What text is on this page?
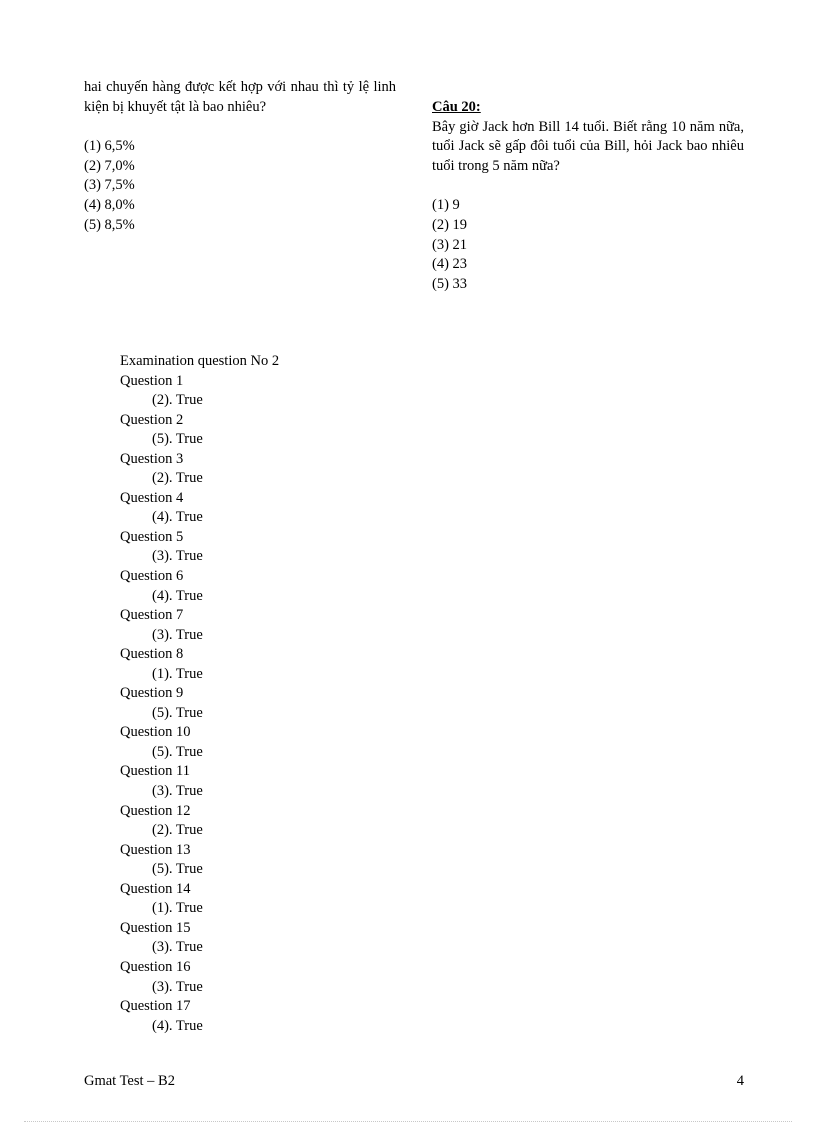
hai chuyến hàng được kết hợp với nhau thì tỷ lệ linh kiện bị khuyết tật là bao nhiêu?

(1) 6,5%
(2) 7,0%
(3) 7,5%
(4) 8,0%
(5) 8,5%
Câu 20:

Bây giờ Jack hơn Bill 14 tuổi. Biết rằng 10 năm nữa, tuổi Jack sẽ gấp đôi tuổi của Bill, hỏi Jack bao nhiêu tuổi trong 5 năm nữa?

(1) 9
(2) 19
(3) 21
(4) 23
(5) 33
Examination question No 2
Question 1
(2). True
Question 2
(5). True
Question 3
(2). True
Question 4
(4). True
Question 5
(3). True
Question 6
(4). True
Question 7
(3). True
Question 8
(1). True
Question 9
(5). True
Question 10
(5). True
Question 11
(3). True
Question 12
(2). True
Question 13
(5). True
Question 14
(1). True
Question 15
(3). True
Question 16
(3). True
Question 17
(4). True
Gmat Test – B2	4
